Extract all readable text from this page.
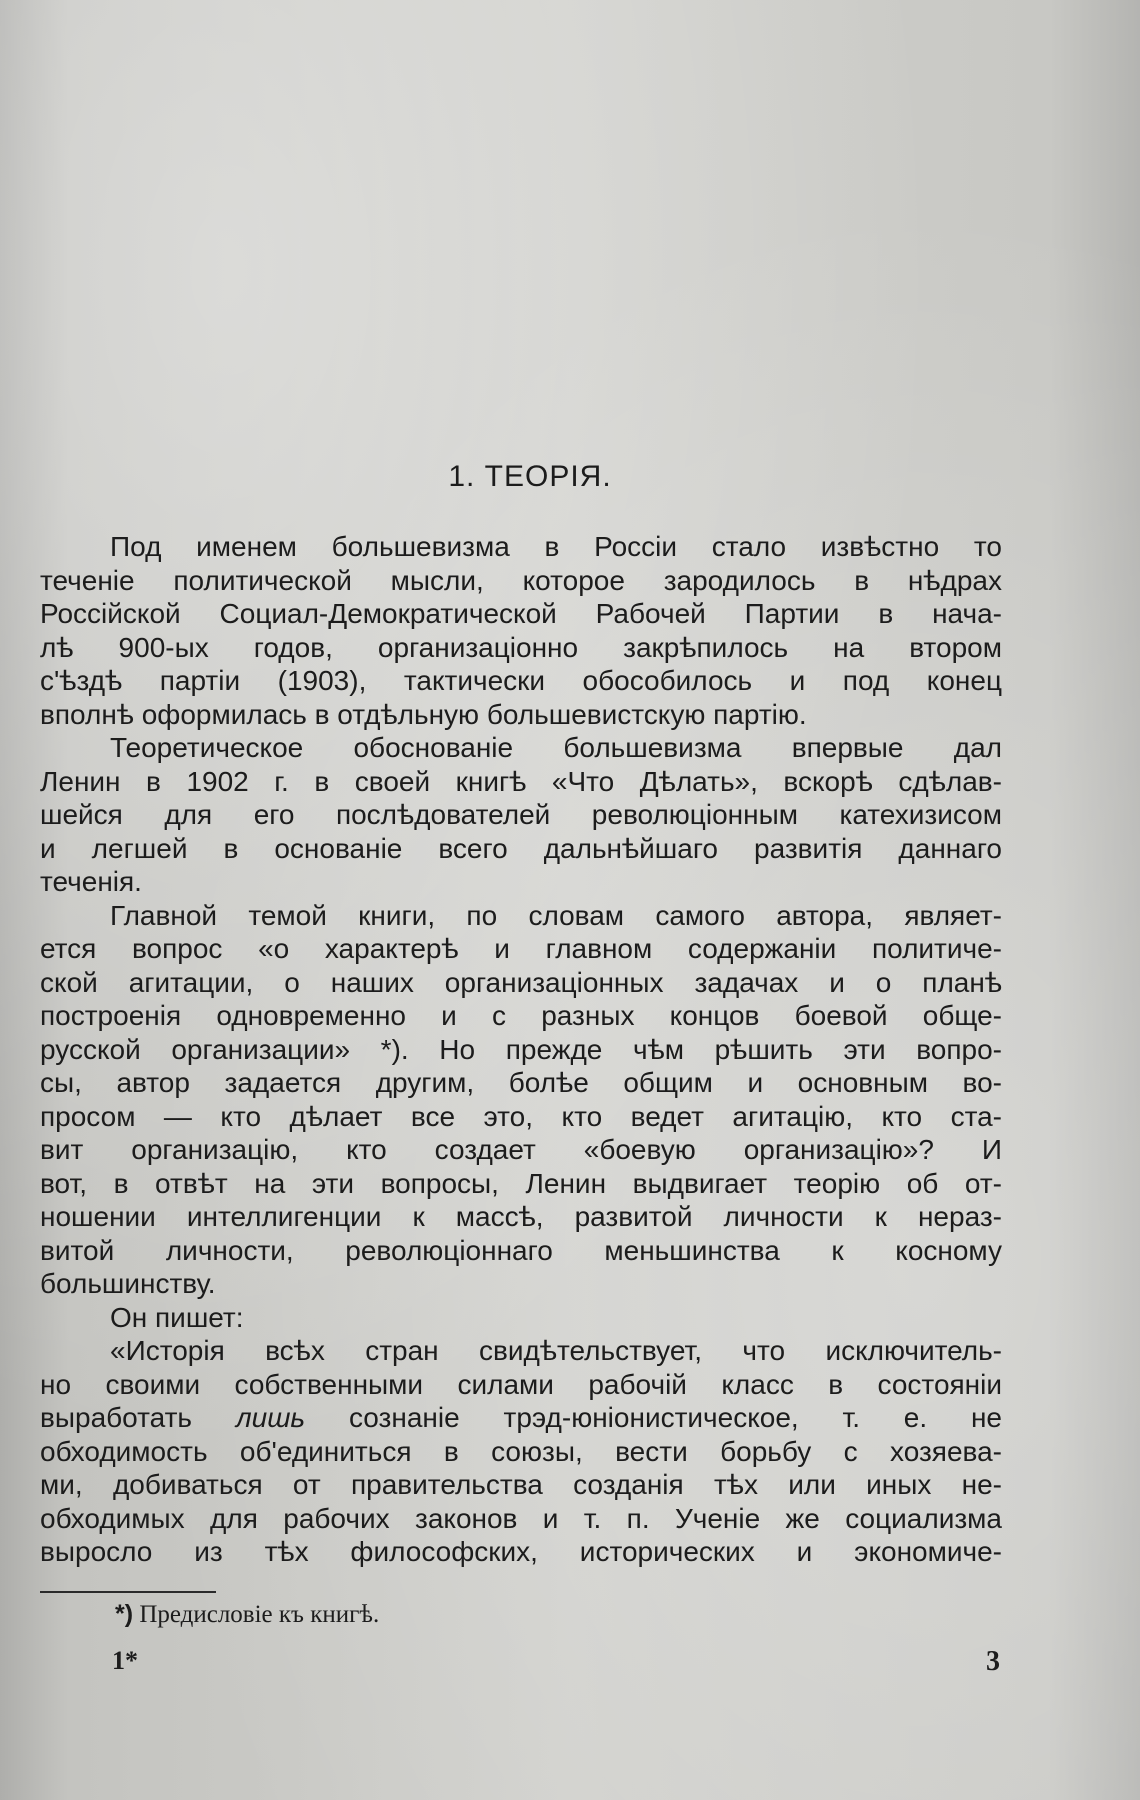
1. ТЕОРІЯ.
Под именем большевизма в Россіи стало извѣстно то
теченіе политической мысли, которое зародилось в нѣдрах
Россійской Социал-Демократической Рабочей Партии в нача-
лѣ 900-ых годов, организаціонно закрѣпилось на втором
с'ѣздѣ партіи (1903), тактически обособилось и под конец
вполнѣ оформилась в отдѣльную большевистскую партію.
Теоретическое обоснованіе большевизма впервые дал
Ленин в 1902 г. в своей книгѣ «Что Дѣлать», вскорѣ сдѣлав-
шейся для его послѣдователей революціонным катехизисом
и легшей в основаніе всего дальнѣйшаго развитія даннаго
теченія.
Главной темой книги, по словам самого автора, являет-
ется вопрос «о характерѣ и главном содержаніи политиче-
ской агитации, о наших организаціонных задачах и о планѣ
построенія одновременно и с разных концов боевой обще-
русской организации» *). Но прежде чѣм рѣшить эти вопро-
сы, автор задается другим, болѣе общим и основным во-
просом — кто дѣлает все это, кто ведет агитацію, кто ста-
вит организацію, кто создает «боевую организацію»? И
вот, в отвѣт на эти вопросы, Ленин выдвигает теорію об от-
ношении интеллигенции к массѣ, развитой личности к нераз-
витой личности, революціоннаго меньшинства к косному
большинству.
Он пишет:
«Исторія всѣх стран свидѣтельствует, что исключитель-
но своими собственными силами рабочій класс в состояніи
выработать лишь сознаніе трэд-юніонистическое, т. е. не
обходимость об'единиться в союзы, вести борьбу с хозяева-
ми, добиваться от правительства созданія тѣх или иных не-
обходимых для рабочих законов и т. п. Ученіе же социализма
выросло из тѣх философских, исторических и экономиче-
*) Предисловіе къ книгѣ.
1*	3
